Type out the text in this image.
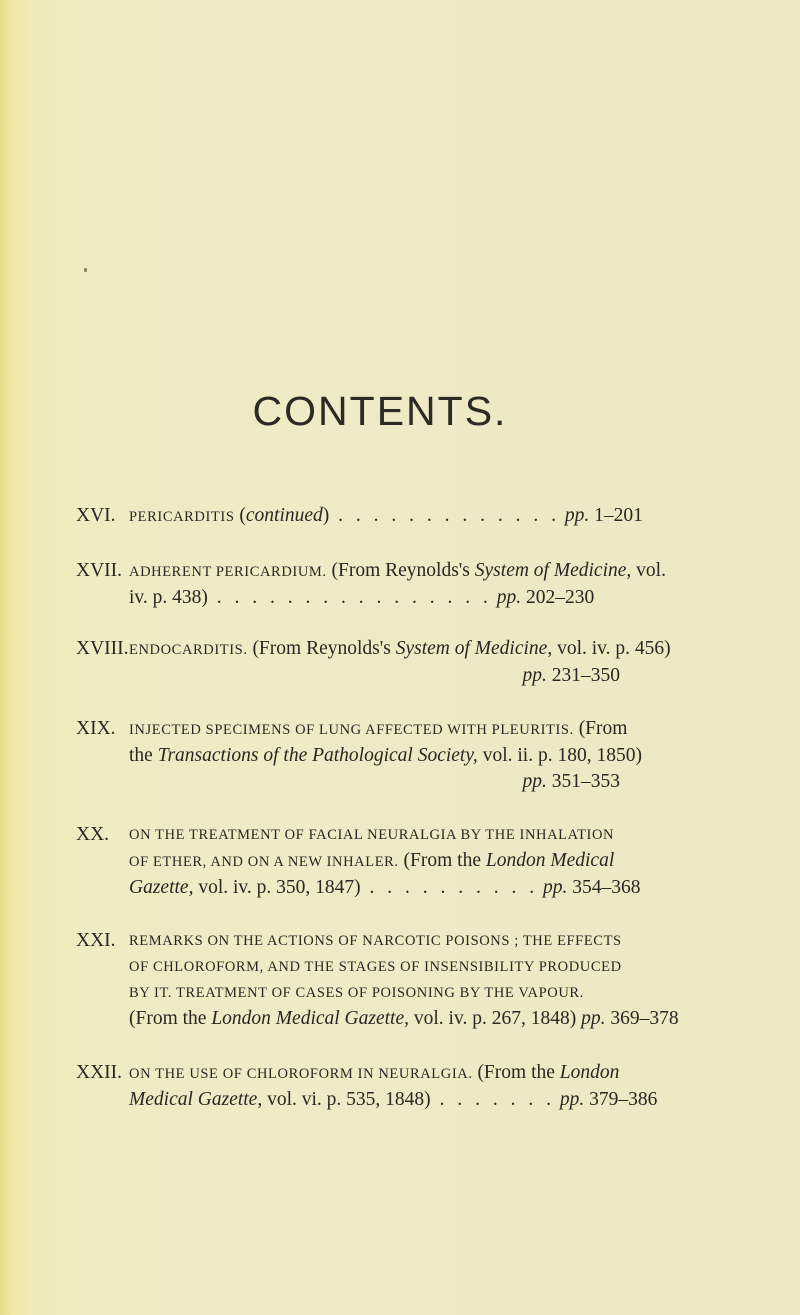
CONTENTS.
XVI. PERICARDITIS (continued) . . . . . . . . . . . . . pp. 1–201
XVII. ADHERENT PERICARDIUM. (From Reynolds's System of Medicine, vol.
iv. p. 438) . . . . . . . . . . . . . . . . pp. 202–230
XVIII. ENDOCARDITIS. (From Reynolds's System of Medicine, vol. iv. p. 456)
pp. 231–350
XIX. INJECTED SPECIMENS OF LUNG AFFECTED WITH PLEURITIS. (From
the Transactions of the Pathological Society, vol. ii. p. 180, 1850)
pp. 351–353
XX.	ON THE TREATMENT OF FACIAL NEURALGIA BY THE INHALATION
OF ETHER, AND ON A NEW INHALER. (From the London Medical
Gazette, vol. iv. p. 350, 1847) . . . . . . . . . . pp. 354–368
XXI. REMARKS ON THE ACTIONS OF NARCOTIC POISONS ; THE EFFECTS
OF CHLOROFORM, AND THE STAGES OF INSENSIBILITY PRODUCED
BY IT. TREATMENT OF CASES OF POISONING BY THE VAPOUR.
(From the London Medical Gazette, vol. iv. p. 267, 1848) pp. 369–378
XXII. ON THE USE OF CHLOROFORM IN NEURALGIA. (From the London
Medical Gazette, vol. vi. p. 535, 1848) . . . . . . . pp. 379–386
